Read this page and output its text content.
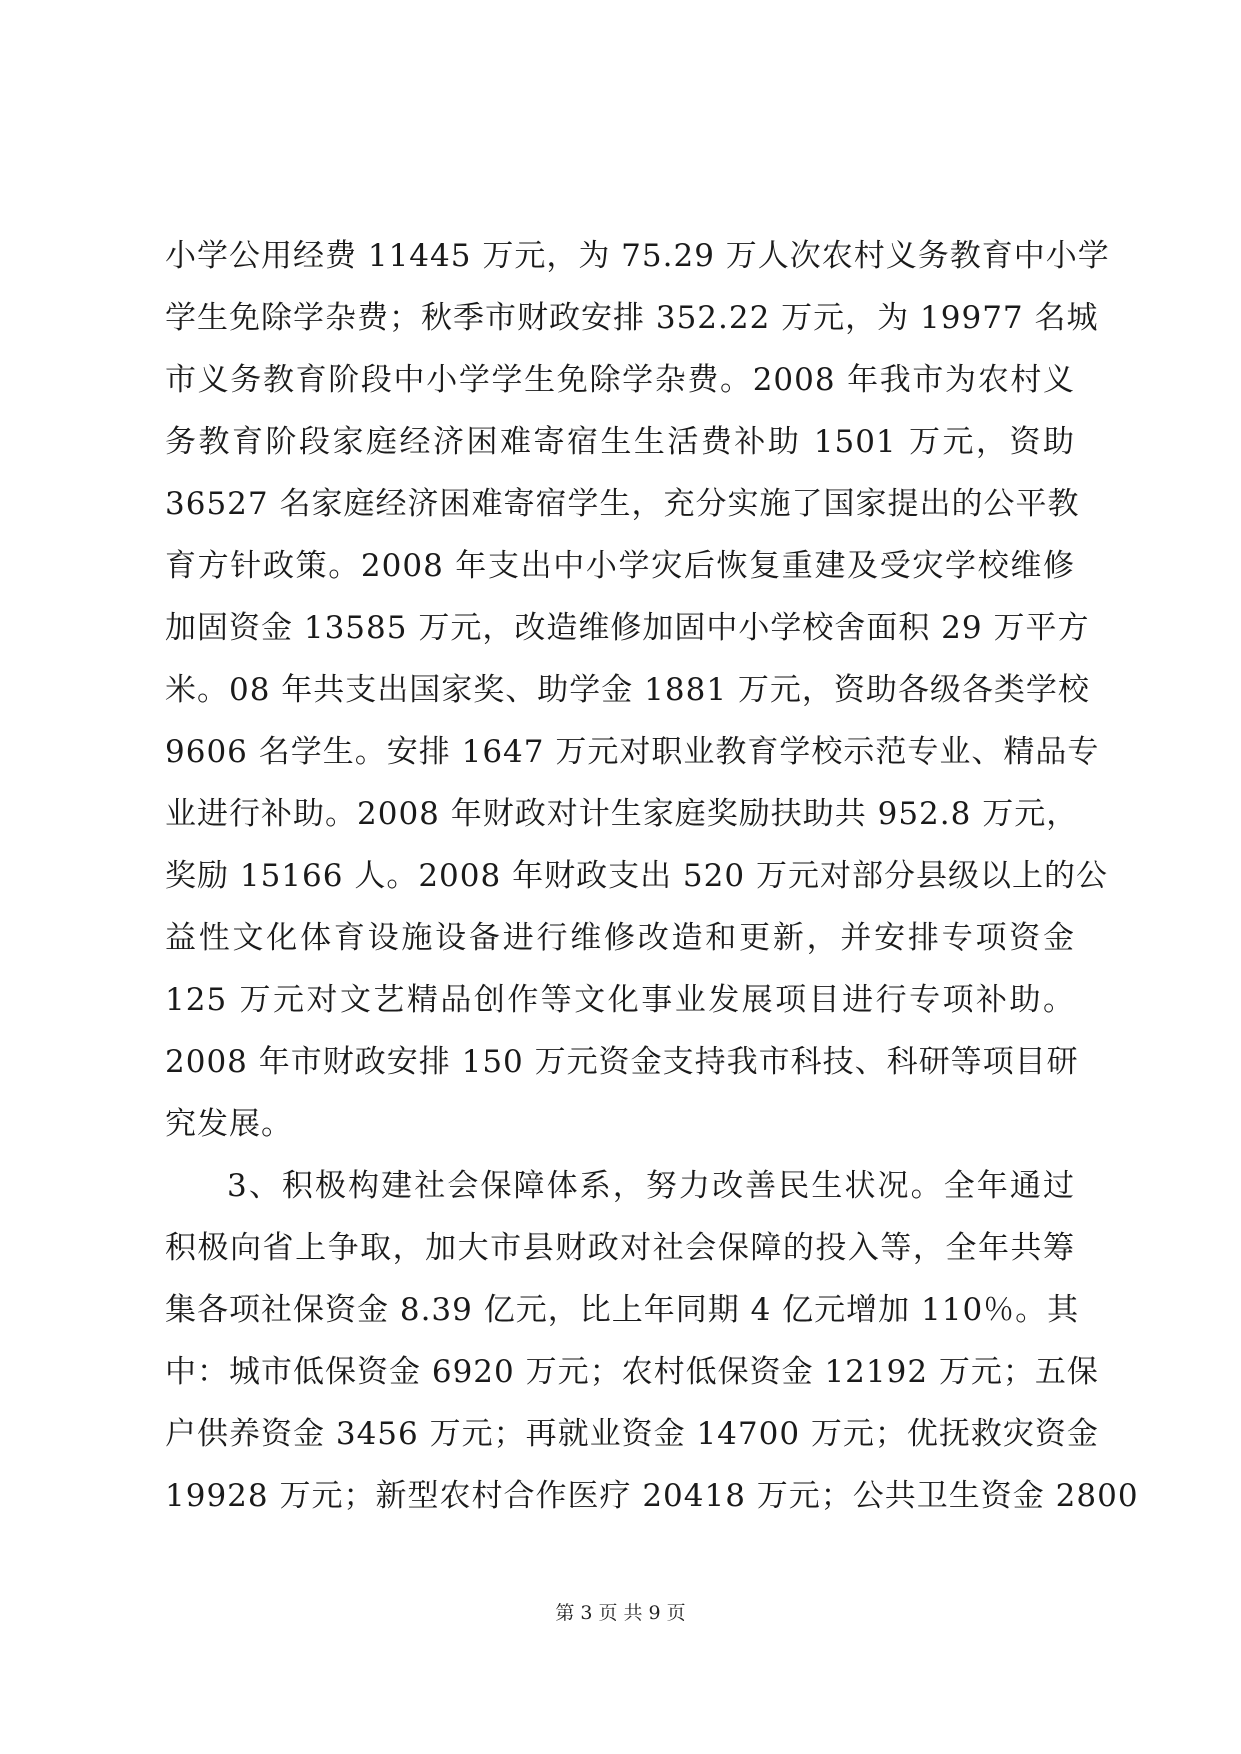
小学公用经费 11445 万元，为 75.29 万人次农村义务教育中小学
学生免除学杂费；秋季市财政安排 352.22 万元，为 19977 名城
市义务教育阶段中小学学生免除学杂费。2008 年我市为农村义
务教育阶段家庭经济困难寄宿生生活费补助 1501 万元，资助
36527 名家庭经济困难寄宿学生，充分实施了国家提出的公平教
育方针政策。2008 年支出中小学灾后恢复重建及受灾学校维修
加固资金 13585 万元，改造维修加固中小学校舍面积 29 万平方
米。08 年共支出国家奖、助学金 1881 万元，资助各级各类学校
9606 名学生。安排 1647 万元对职业教育学校示范专业、精品专
业进行补助。2008 年财政对计生家庭奖励扶助共 952.8 万元，
奖励 15166 人。2008 年财政支出 520 万元对部分县级以上的公
益性文化体育设施设备进行维修改造和更新，并安排专项资金
125 万元对文艺精品创作等文化事业发展项目进行专项补助。
2008 年市财政安排 150 万元资金支持我市科技、科研等项目研
究发展。
3、积极构建社会保障体系，努力改善民生状况。全年通过
积极向省上争取，加大市县财政对社会保障的投入等，全年共筹
集各项社保资金 8.39 亿元，比上年同期 4 亿元增加 110％。其
中：城市低保资金 6920 万元；农村低保资金 12192 万元；五保
户供养资金 3456 万元；再就业资金 14700 万元；优抚救灾资金
19928 万元；新型农村合作医疗 20418 万元；公共卫生资金 2800
第 3 页 共 9 页
